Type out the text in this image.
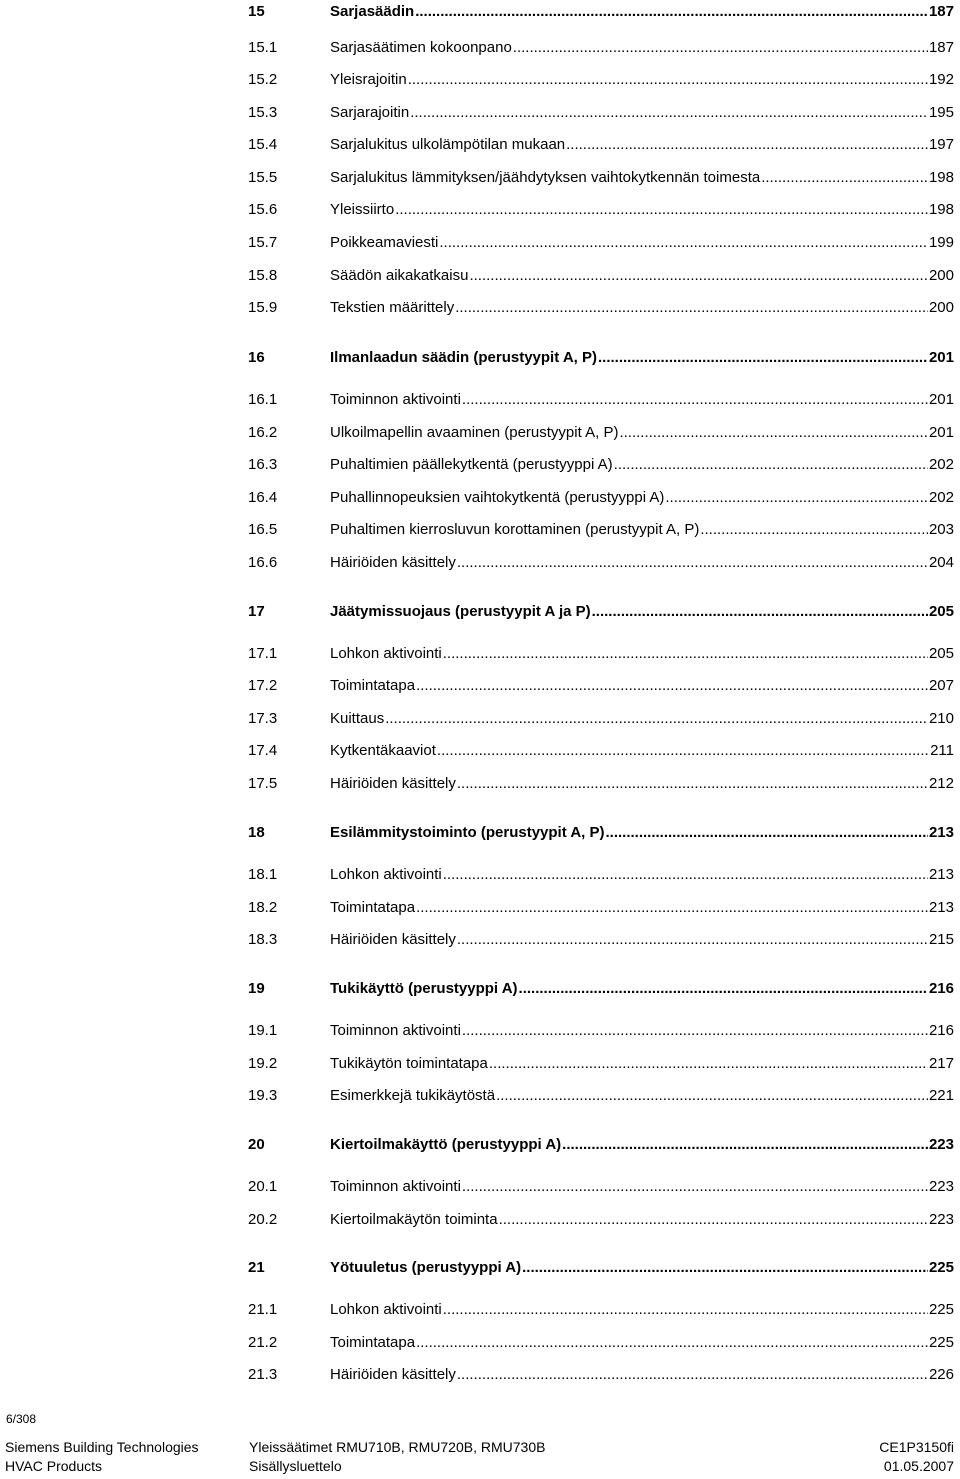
15	Sarjasäädin .....	187
15.1	Sarjasäätimen kokoonpano .....	187
15.2	Yleisrajoitin .....	192
15.3	Sarjarajoitin .....	195
15.4	Sarjalukitus ulkolämpötilan mukaan .....	197
15.5	Sarjalukitus lämmityksen/jäähdytyksen vaihtokytkennän toimesta .....	198
15.6	Yleissiirto .....	198
15.7	Poikkeamaviesti .....	199
15.8	Säädön aikakatkaisu .....	200
15.9	Tekstien määrittely .....	200
16	Ilmanlaadun säädin (perustyypit A, P) .....	201
16.1	Toiminnon aktivointi .....	201
16.2	Ulkoilmapellin avaaminen (perustyypit A, P) .....	201
16.3	Puhaltimien päällekytkentä (perustyyppi A) .....	202
16.4	Puhallinnopeuksien vaihtokytkentä (perustyyppi A) .....	202
16.5	Puhaltimen kierrosluvun korottaminen (perustyypit A, P) .....	203
16.6	Häiriöiden käsittely .....	204
17	Jäätymissuojaus (perustyypit A ja P) .....	205
17.1	Lohkon aktivointi .....	205
17.2	Toimintatapa .....	207
17.3	Kuittaus .....	210
17.4	Kytkentäkaaviot .....	211
17.5	Häiriöiden käsittely .....	212
18	Esilämmitystoiminto (perustyypit A, P) .....	213
18.1	Lohkon aktivointi .....	213
18.2	Toimintatapa .....	213
18.3	Häiriöiden käsittely .....	215
19	Tukikäyttö (perustyyppi A) .....	216
19.1	Toiminnon aktivointi .....	216
19.2	Tukikäytön toimintatapa .....	217
19.3	Esimerkkejä tukikäytöstä .....	221
20	Kiertoilmakäyttö (perustyyppi A) .....	223
20.1	Toiminnon aktivointi .....	223
20.2	Kiertoilmakäytön toiminta .....	223
21	Yötuuletus (perustyyppi A) .....	225
21.1	Lohkon aktivointi .....	225
21.2	Toimintatapa .....	225
21.3	Häiriöiden käsittely .....	226
6/308
Siemens Building Technologies
HVAC Products
Yleissäätimet RMU710B, RMU720B, RMU730B
Sisällysluettelo
CE1P3150fi
01.05.2007
